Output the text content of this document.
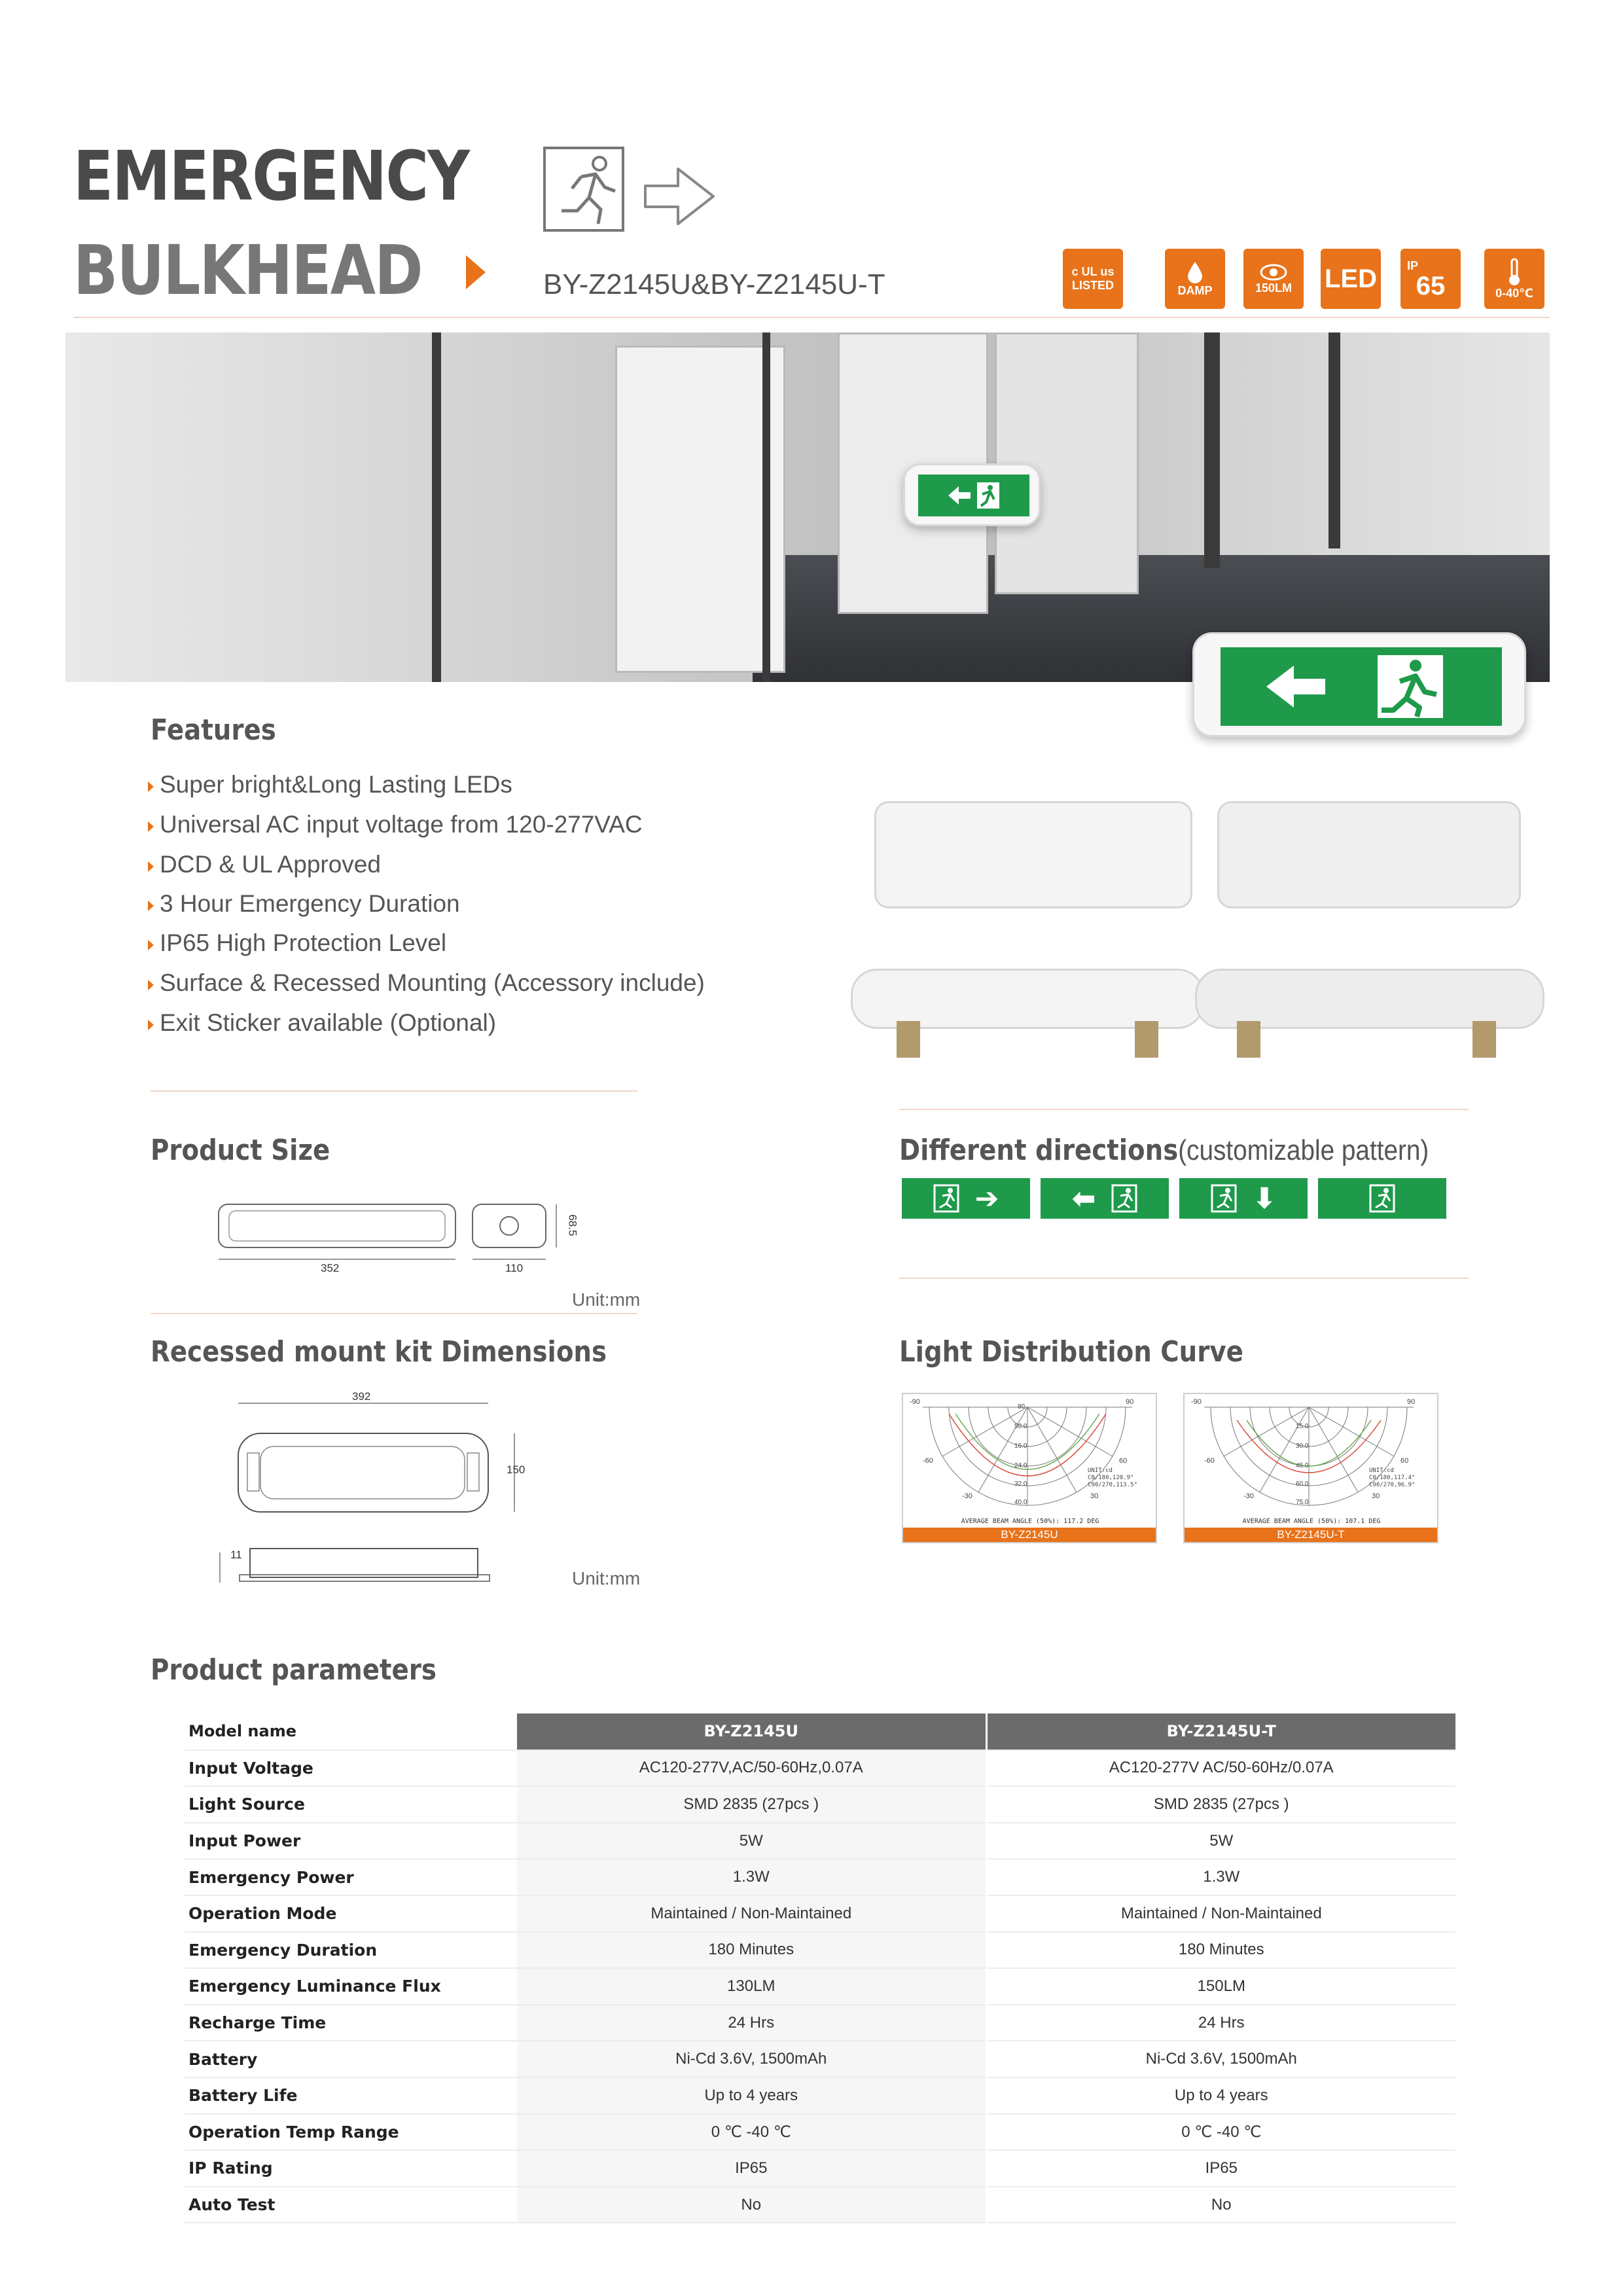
EMERGENCY
BULKHEAD	BY-Z2145U&BY-Z2145U-T	c UL us
LISTED	DAMP	150LM LED	IP
65	0-40℃
Features
Super bright&Long Lasting LEDs
Universal AC input voltage from 120-277VAC
DCD & UL Approved
3 Hour Emergency Duration
IP65 High Protection Level
Surface & Recessed Mounting (Accessory include)
Exit Sticker available (Optional)
Product Size
352	110
68.5
Unit:mm
Different directions(customizable pattern)
➔	⬅	⬇
Recessed mount kit Dimensions
392
150
11
Unit:mm
Light Distribution Curve
-90	90
-60	60
-30	30
80
50.0
16.0
24.0
32.0
40.0
UNIT:cd
C0/180,120.9°
C90/270,113.5°
AVERAGE BEAM ANGLE (50%): 117.2 DEG
BY-Z2145U
-90	90
-60	60
-30	30
15.0
30.0
45.0
60.0
75.0
UNIT:cd
C0/180,117.4°
C90/270,96.9°
AVERAGE BEAM ANGLE (50%): 107.1 DEG
BY-Z2145U-T
Product parameters
Model name	BY-Z2145U	BY-Z2145U-T
Input Voltage	AC120-277V,AC/50-60Hz,0.07A	AC120-277V AC/50-60Hz/0.07A
Light Source	SMD 2835 (27pcs )	SMD 2835 (27pcs )
Input Power	5W	5W
Emergency Power	1.3W	1.3W
Operation Mode	Maintained / Non-Maintained	Maintained / Non-Maintained
Emergency Duration	180 Minutes	180 Minutes
Emergency Luminance Flux	130LM	150LM
Recharge Time	24 Hrs	24 Hrs
Battery	Ni-Cd 3.6V, 1500mAh	Ni-Cd 3.6V, 1500mAh
Battery Life	Up to 4 years	Up to 4 years
Operation Temp Range	0 ℃ -40 ℃	0 ℃ -40 ℃
IP Rating	IP65	IP65
Auto Test	No	No
